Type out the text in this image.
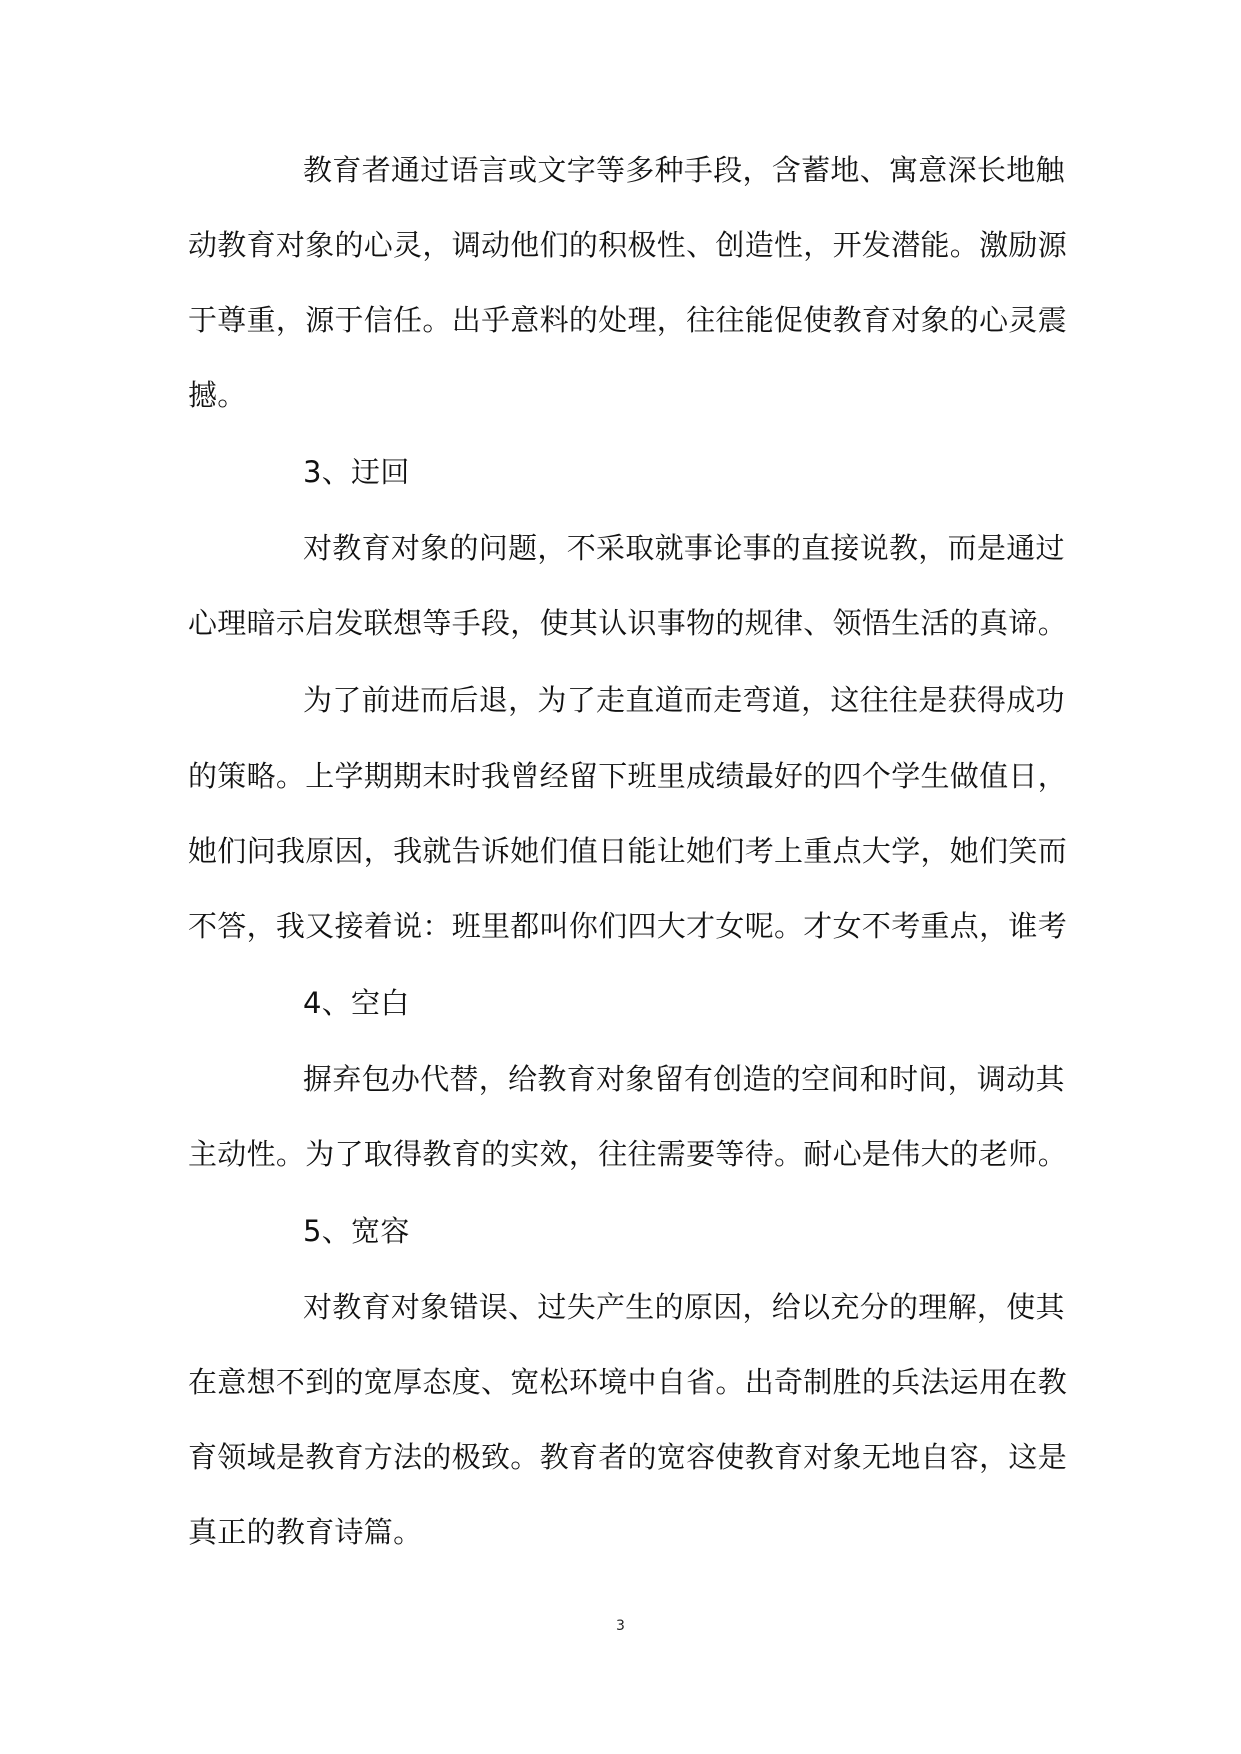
教育者通过语言或文字等多种手段，含蓄地、寓意深长地触
动教育对象的心灵，调动他们的积极性、创造性，开发潜能。激励源
于尊重，源于信任。出乎意料的处理，往往能促使教育对象的心灵震
撼。
3、迂回
对教育对象的问题，不采取就事论事的直接说教，而是通过
心理暗示启发联想等手段，使其认识事物的规律、领悟生活的真谛。
为了前进而后退，为了走直道而走弯道，这往往是获得成功
的策略。上学期期末时我曾经留下班里成绩最好的四个学生做值日，
她们问我原因，我就告诉她们值日能让她们考上重点大学，她们笑而
不答，我又接着说：班里都叫你们四大才女呢。才女不考重点，谁考
4、空白
摒弃包办代替，给教育对象留有创造的空间和时间，调动其
主动性。为了取得教育的实效，往往需要等待。耐心是伟大的老师。
5、宽容
对教育对象错误、过失产生的原因，给以充分的理解，使其
在意想不到的宽厚态度、宽松环境中自省。出奇制胜的兵法运用在教
育领域是教育方法的极致。教育者的宽容使教育对象无地自容，这是
真正的教育诗篇。
3
